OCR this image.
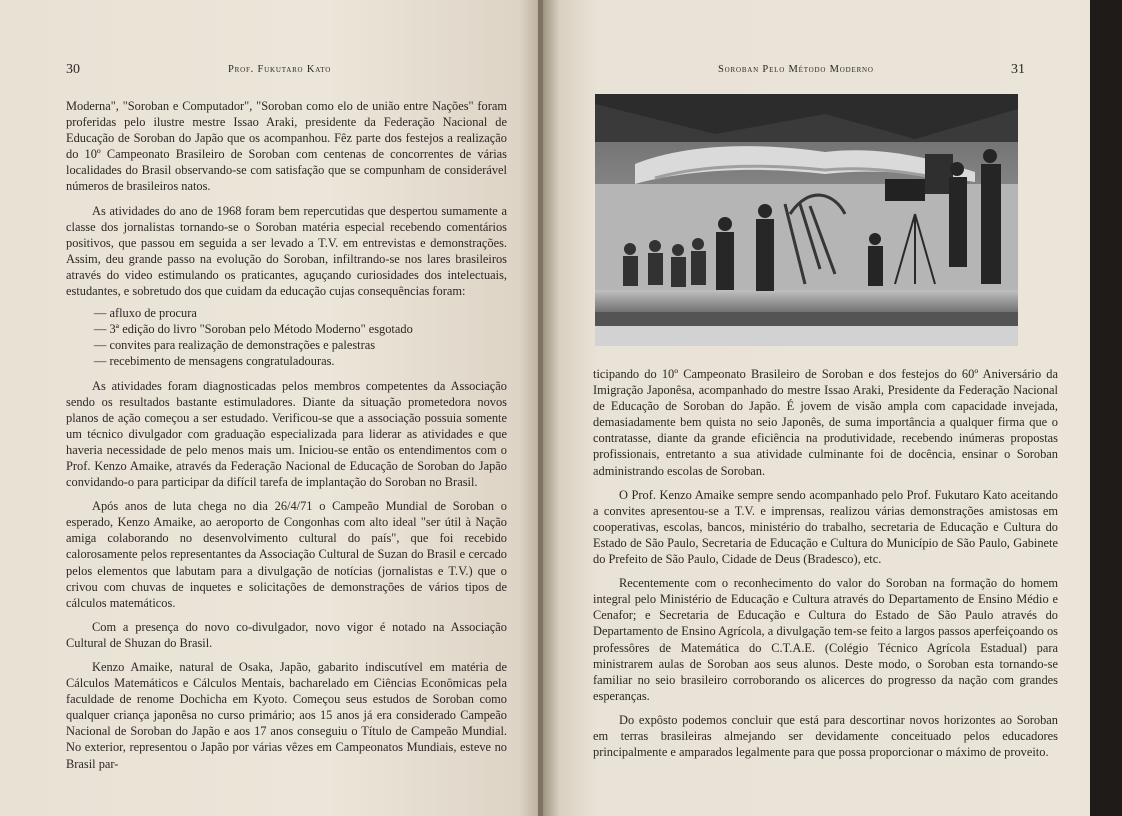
30	Prof. Fukutaro Kato

Moderna", "Soroban e Computador", "Soroban como elo de união entre Nações" foram proferidas pelo ilustre mestre Issao Araki, presidente da Federação Nacional de Educação de Soroban do Japão que os acompanhou. Fêz parte dos festejos a realização do 10º Campeonato Brasileiro de Soroban com centenas de concorrentes de várias localidades do Brasil observando-se com satisfação que se compunham de considerável números de brasileiros natos.

As atividades do ano de 1968 foram bem repercutidas que despertou sumamente a classe dos jornalistas tornando-se o Soroban matéria especial recebendo comentários positivos, que passou em seguida a ser levado a T.V. em entrevistas e demonstrações. Assim, deu grande passo na evolução do Soroban, infiltrando-se nos lares brasileiros através do video estimulando os praticantes, aguçando curiosidades dos intelectuais, estudantes, e sobretudo dos que cuidam da educação cujas consequências foram:

— afluxo de procura
— 3ª edição do livro "Soroban pelo Método Moderno" esgotado
— convites para realização de demonstrações e palestras
— recebimento de mensagens congratuladouras.

As atividades foram diagnosticadas pelos membros competentes da Associação sendo os resultados bastante estimuladores. Diante da situação prometedora novos planos de ação começou a ser estudado. Verificou-se que a associação possuia somente um técnico divulgador com graduação especializada para liderar as atividades e que haveria necessidade de pelo menos mais um. Iniciou-se então os entendimentos com o Prof. Kenzo Amaike, através da Federação Nacional de Educação de Soroban do Japão convidando-o para participar da difícil tarefa de implantação do Soroban no Brasil.

Após anos de luta chega no dia 26/4/71 o Campeão Mundial de Soroban o esperado, Kenzo Amaike, ao aeroporto de Congonhas com alto ideal "ser útil à Nação amiga colaborando no desenvolvimento cultural do país", que foi recebido calorosamente pelos representantes da Associação Cultural de Suzan do Brasil e cercado pelos elementos que labutam para a divulgação de notícias (jornalistas e T.V.) que o crivou com chuvas de inquetes e solicitações de demonstrações de vários tipos de cálculos matemáticos.

Com a presença do novo co-divulgador, novo vigor é notado na Associação Cultural de Shuzan do Brasil.

Kenzo Amaike, natural de Osaka, Japão, gabarito indiscutível em matéria de Cálculos Matemáticos e Cálculos Mentais, bacharelado em Ciências Econômicas pela faculdade de renome Dochicha em Kyoto. Começou seus estudos de Soroban como qualquer criança japonêsa no curso primário; aos 15 anos já era considerado Campeão Nacional de Soroban do Japão e aos 17 anos conseguiu o Título de Campeão Mundial. No exterior, representou o Japão por várias vêzes em Campeonatos Mundiais, esteve no Brasil par-

Soroban Pelo Método Moderno	31

ticipando do 10º Campeonato Brasileiro de Soroban e dos festejos do 60º Aniversário da Imigração Japonêsa, acompanhado do mestre Issao Araki, Presidente da Federação Nacional de Educação de Soroban do Japão. É jovem de visão ampla com capacidade invejada, demasiadamente bem quista no seio Japonês, de suma importância a qualquer firma que o contratasse, diante da grande eficiência na produtividade, recebendo inúmeras propostas profissionais, entretanto a sua atividade culminante foi de docência, ensinar o Soroban administrando escolas de Soroban.

O Prof. Kenzo Amaike sempre sendo acompanhado pelo Prof. Fukutaro Kato aceitando a convites apresentou-se a T.V. e imprensas, realizou várias demonstrações amistosas em cooperativas, escolas, bancos, ministério do trabalho, secretaria de Educação e Cultura do Estado de São Paulo, Secretaria de Educação e Cultura do Município de São Paulo, Gabinete do Prefeito de São Paulo, Cidade de Deus (Bradesco), etc.

Recentemente com o reconhecimento do valor do Soroban na formação do homem integral pelo Ministério de Educação e Cultura através do Departamento de Ensino Médio e Cenafor; e Secretaria de Educação e Cultura do Estado de São Paulo através do Departamento de Ensino Agrícola, a divulgação tem-se feito a largos passos aperfeiçoando os professôres de Matemática do C.T.A.E. (Colégio Técnico Agrícola Estadual) para ministrarem aulas de Soroban aos seus alunos. Deste modo, o Soroban esta tornando-se familiar no seio brasileiro corroborando os alicerces do progresso da nação com grandes esperanças.

Do expôsto podemos concluir que está para descortinar novos horizontes ao Soroban em terras brasileiras almejando ser devidamente conceituado pelos educadores principalmente e amparados legalmente para que possa proporcionar o máximo de proveito.
